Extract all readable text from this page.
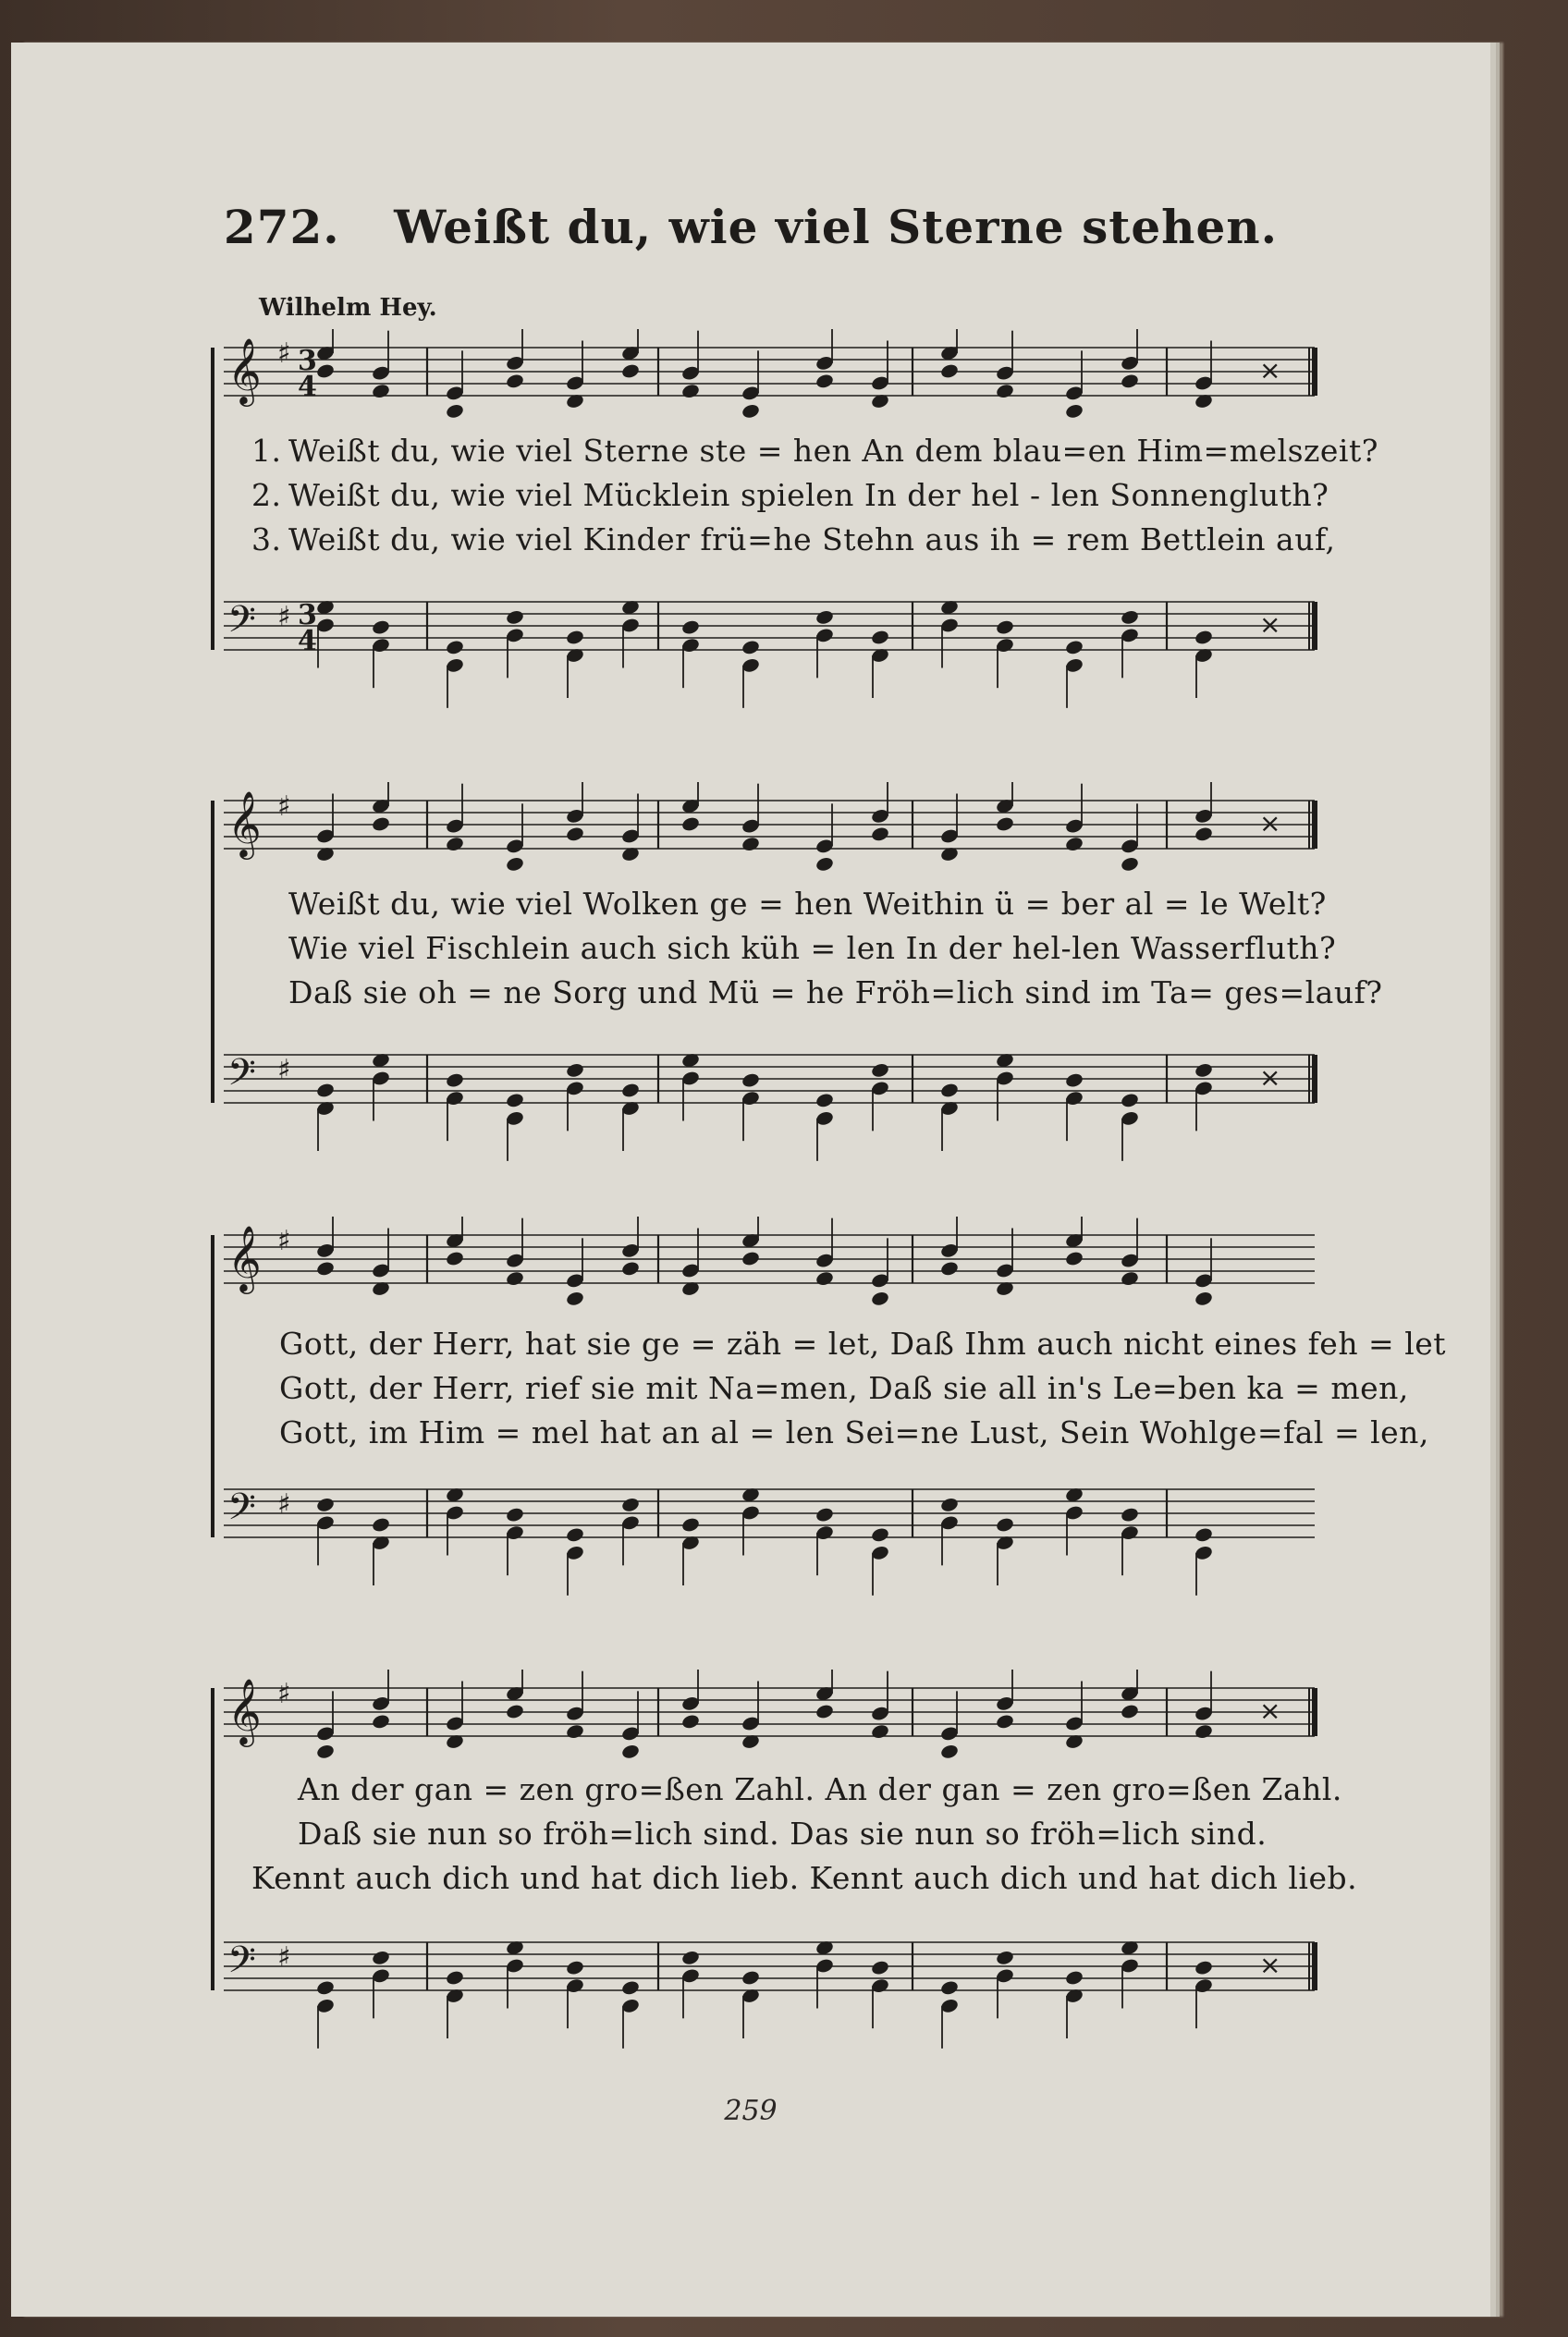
272. Weißt du, wie viel Sterne stehen.
Wilhelm Hey.
𝄞 ♯
×
𝄢 ♯	×
3
4
3
4
1. Weißt du, wie viel Sterne ste = hen An dem blau=en Him=melszeit?
2. Weißt du, wie viel Mücklein spielen In der hel - len Sonnengluth?
3. Weißt du, wie viel Kinder frü=he Stehn aus ih = rem Bettlein auf,
𝄞 ♯
×
𝄢 ♯	×
Weißt du, wie viel Wolken ge = hen Weithin ü = ber al = le Welt?
Wie viel Fischlein auch sich küh = len In der hel-len Wasserfluth?
Daß sie oh = ne Sorg und Mü = he Fröh=lich sind im Ta= ges=lauf?
𝄞 ♯
𝄢 ♯
Gott, der Herr, hat sie ge = zäh = let, Daß Ihm auch nicht eines feh = let
Gott, der Herr, rief sie mit Na=men, Daß sie all in's Le=ben ka = men,
Gott, im Him = mel hat an al = len Sei=ne Lust, Sein Wohlge=fal = len,
𝄞 ♯
×
𝄢 ♯	×
An der gan = zen gro=ßen Zahl. An der gan = zen gro=ßen Zahl.
Daß sie nun so fröh=lich sind. Das sie nun so fröh=lich sind.
Kennt auch dich und hat dich lieb. Kennt auch dich und hat dich lieb.
259
